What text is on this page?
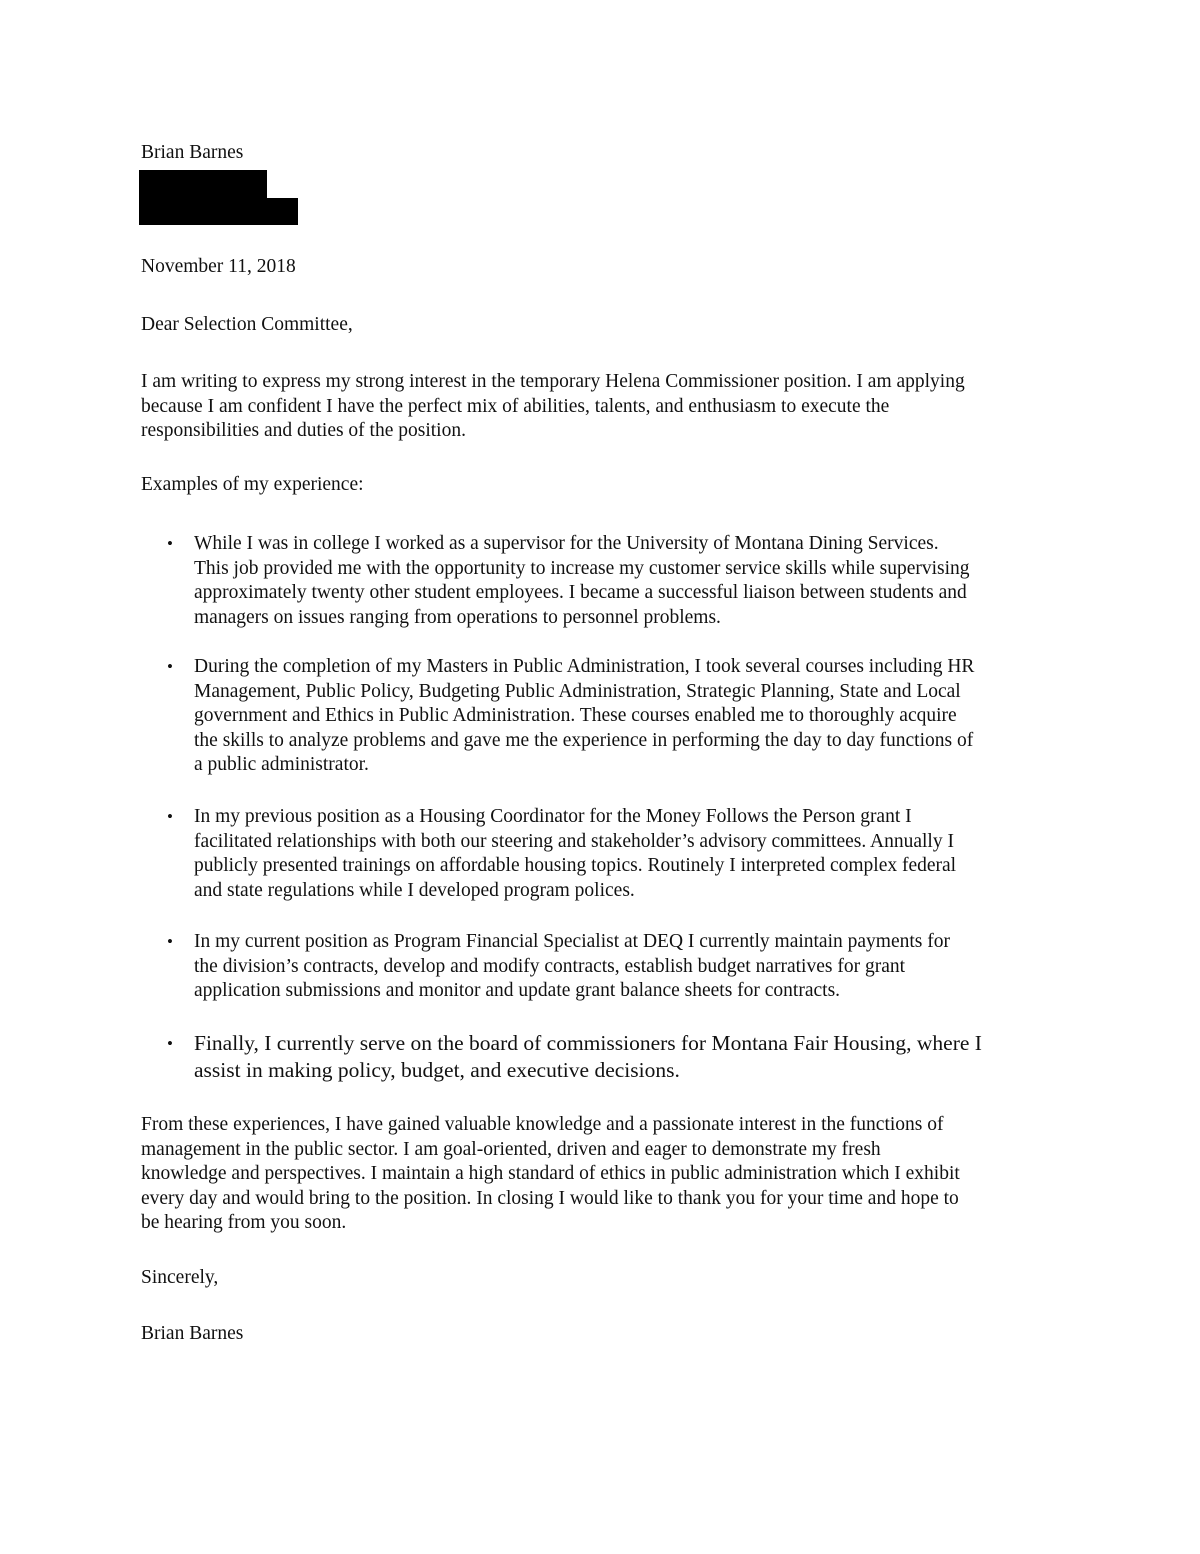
Brian Barnes
November 11, 2018
Dear Selection Committee,
I am writing to express my strong interest in the temporary Helena Commissioner position. I am applying
because I am confident I have the perfect mix of abilities, talents, and enthusiasm to execute the
responsibilities and duties of the position.
Examples of my experience:
• While I was in college I worked as a supervisor for the University of Montana Dining Services.
This job provided me with the opportunity to increase my customer service skills while supervising
approximately twenty other student employees. I became a successful liaison between students and
managers on issues ranging from operations to personnel problems.
• During the completion of my Masters in Public Administration, I took several courses including HR
Management, Public Policy, Budgeting Public Administration, Strategic Planning, State and Local
government and Ethics in Public Administration. These courses enabled me to thoroughly acquire
the skills to analyze problems and gave me the experience in performing the day to day functions of
a public administrator.
• In my previous position as a Housing Coordinator for the Money Follows the Person grant I
facilitated relationships with both our steering and stakeholder’s advisory committees. Annually I
publicly presented trainings on affordable housing topics. Routinely I interpreted complex federal
and state regulations while I developed program polices.
• In my current position as Program Financial Specialist at DEQ I currently maintain payments for
the division’s contracts, develop and modify contracts, establish budget narratives for grant
application submissions and monitor and update grant balance sheets for contracts.
• Finally, I currently serve on the board of commissioners for Montana Fair Housing, where I
assist in making policy, budget, and executive decisions.
From these experiences, I have gained valuable knowledge and a passionate interest in the functions of
management in the public sector. I am goal-oriented, driven and eager to demonstrate my fresh
knowledge and perspectives. I maintain a high standard of ethics in public administration which I exhibit
every day and would bring to the position. In closing I would like to thank you for your time and hope to
be hearing from you soon.
Sincerely,
Brian Barnes
